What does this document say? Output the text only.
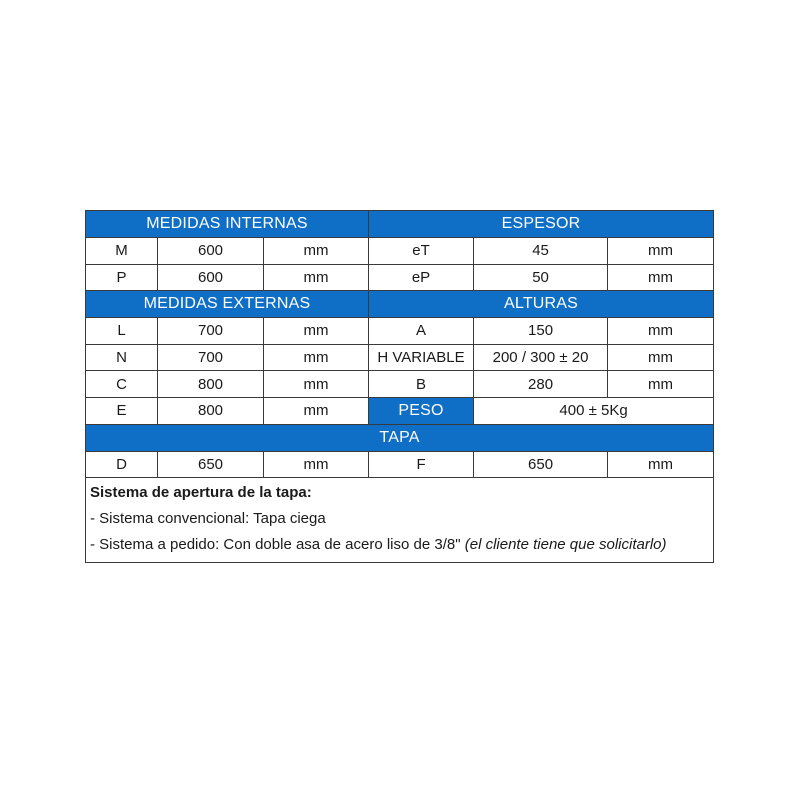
MEDIDAS INTERNAS			ESPESOR		
M	600	mm	eT	45	mm
P	600	mm	eP	50	mm
MEDIDAS EXTERNAS			ALTURAS		
L	700	mm	A	150	mm
N	700	mm	H VARIABLE	200 / 300 ± 20	mm
C	800	mm	B	280	mm
E	800	mm	PESO	400 ± 5Kg	
TAPA					
D	650	mm	F	650	mm

Sistema de apertura de la tapa:
- Sistema convencional: Tapa ciega
- Sistema a pedido: Con doble asa de acero liso de 3/8" (el cliente tiene que solicitarlo)					
